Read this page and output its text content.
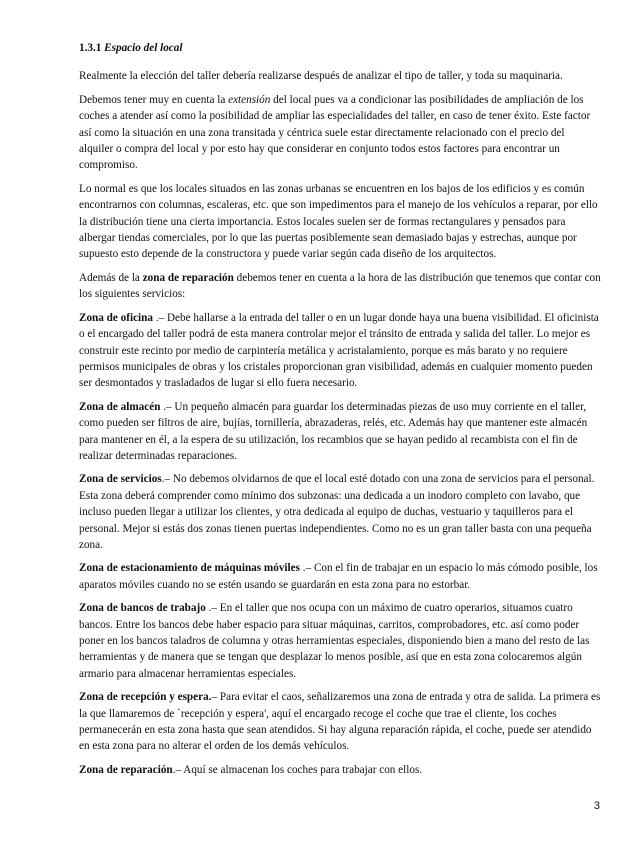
1.3.1 Espacio del local

Realmente la elección del taller debería realizarse después de analizar el tipo de taller, y toda su maquinaria.

Debemos tener muy en cuenta la extensión del local pues va a condicionar las posibilidades de ampliación de los coches a atender así como la posibilidad de ampliar las especialidades del taller, en caso de tener éxito. Este factor así como la situación en una zona transitada y céntrica suele estar directamente relacionado con el precio del alquiler o compra del local y por esto hay que considerar en conjunto todos estos factores para encontrar un compromiso.

Lo normal es que los locales situados en las zonas urbanas se encuentren en los bajos de los edificios y es común encontrarnos con columnas, escaleras, etc. que son impedimentos para el manejo de los vehículos a reparar, por ello la distribución tiene una cierta importancia. Estos locales suelen ser de formas rectangulares y pensados para albergar tiendas comerciales, por lo que las puertas posiblemente sean demasiado bajas y estrechas, aunque por supuesto esto depende de la constructora y puede variar según cada diseño de los arquitectos.

Además de la zona de reparación debemos tener en cuenta a la hora de las distribución que tenemos que contar con los siguientes servicios:

Zona de oficina .– Debe hallarse a la entrada del taller o en un lugar donde haya una buena visibilidad. El oficinista o el encargado del taller podrá de esta manera controlar mejor el tránsito de entrada y salida del taller. Lo mejor es construir este recinto por medio de carpintería metálica y acristalamiento, porque es más barato y no requiere permisos municipales de obras y los cristales proporcionan gran visibilidad, además en cualquier momento pueden ser desmontados y trasladados de lugar si ello fuera necesario.

Zona de almacén .– Un pequeño almacén para guardar los determinadas piezas de uso muy corriente en el taller, como pueden ser filtros de aire, bujías, tornillería, abrazaderas, relés, etc. Además hay que mantener este almacén para mantener en él, a la espera de su utilización, los recambios que se hayan pedido al recambista con el fin de realizar determinadas reparaciones.

Zona de servicios.– No debemos olvidarnos de que el local esté dotado con una zona de servicios para el personal. Esta zona deberá comprender como mínimo dos subzonas: una dedicada a un inodoro completo con lavabo, que incluso pueden llegar a utilizar los clientes, y otra dedicada al equipo de duchas, vestuario y taquilleros para el personal. Mejor si estás dos zonas tienen puertas independientes. Como no es un gran taller basta con una pequeña zona.

Zona de estacionamiento de máquinas móviles .– Con el fin de trabajar en un espacio lo más cómodo posible, los aparatos móviles cuando no se estén usando se guardarán en esta zona para no estorbar.

Zona de bancos de trabajo .– En el taller que nos ocupa con un máximo de cuatro operarios, situamos cuatro bancos. Entre los bancos debe haber espacio para situar máquinas, carritos, comprobadores, etc. así como poder poner en los bancos taladros de columna y otras herramientas especiales, disponiendo bien a mano del resto de las herramientas y de manera que se tengan que desplazar lo menos posible, así que en esta zona colocaremos algún armario para almacenar herramientas especiales.

Zona de recepción y espera.– Para evitar el caos, señalizaremos una zona de entrada y otra de salida. La primera es la que llamaremos de `recepción y espera', aquí el encargado recoge el coche que trae el cliente, los coches permanecerán en esta zona hasta que sean atendidos. Si hay alguna reparación rápida, el coche, puede ser atendido en esta zona para no alterar el orden de los demás vehículos.

Zona de reparación.– Aquí se almacenan los coches para trabajar con ellos.

3
